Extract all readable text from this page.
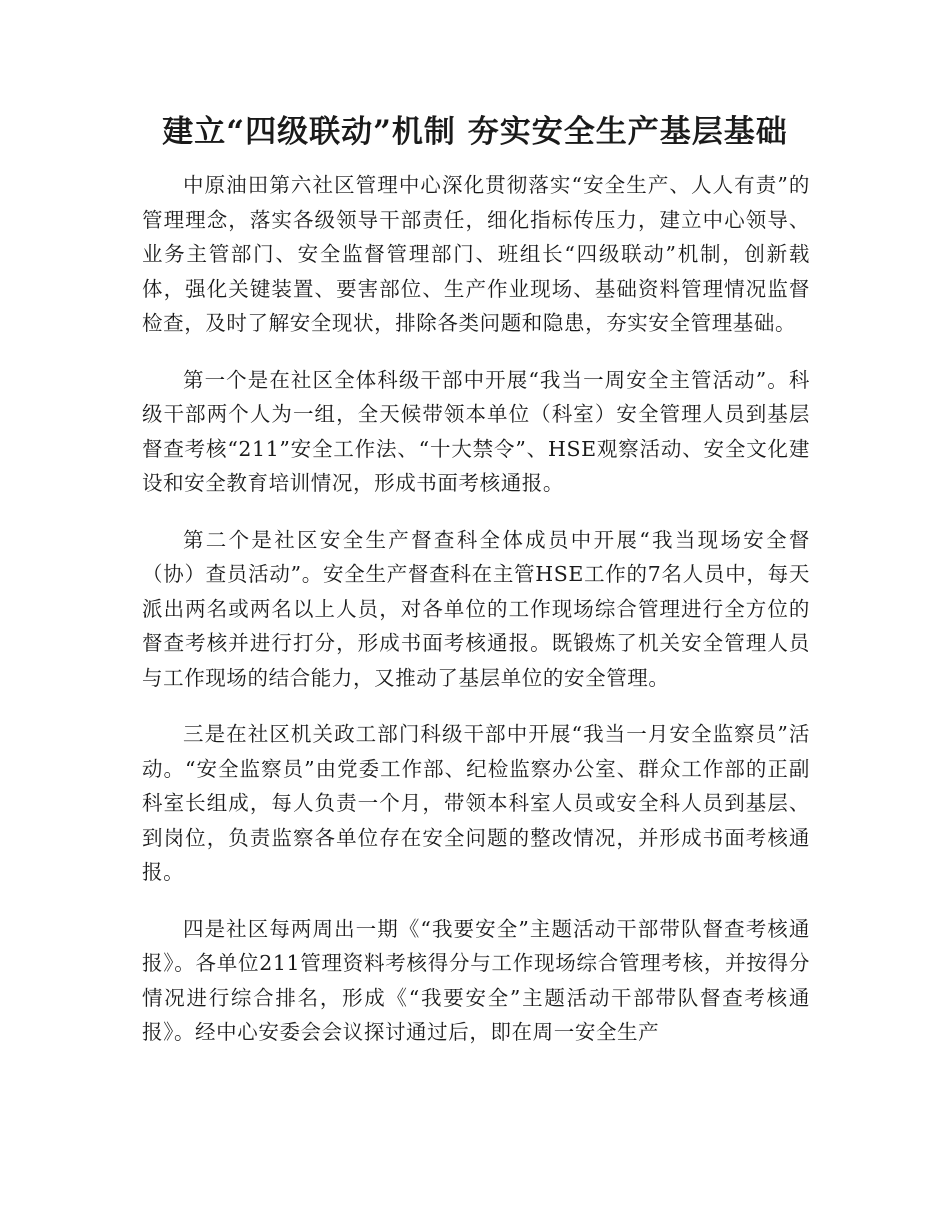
建立“四级联动”机制 夯实安全生产基层基础

中原油田第六社区管理中心深化贯彻落实“安全生产、人人有责”的管理理念，落实各级领导干部责任，细化指标传压力，建立中心领导、业务主管部门、安全监督管理部门、班组长“四级联动”机制，创新载体，强化关键装置、要害部位、生产作业现场、基础资料管理情况监督检查，及时了解安全现状，排除各类问题和隐患，夯实安全管理基础。

第一个是在社区全体科级干部中开展“我当一周安全主管活动”。科级干部两个人为一组，全天候带领本单位（科室）安全管理人员到基层督查考核“211”安全工作法、“十大禁令”、HSE观察活动、安全文化建设和安全教育培训情况，形成书面考核通报。

第二个是社区安全生产督查科全体成员中开展“我当现场安全督（协）查员活动”。安全生产督查科在主管HSE工作的7名人员中，每天派出两名或两名以上人员，对各单位的工作现场综合管理进行全方位的督查考核并进行打分，形成书面考核通报。既锻炼了机关安全管理人员与工作现场的结合能力，又推动了基层单位的安全管理。

三是在社区机关政工部门科级干部中开展“我当一月安全监察员”活动。“安全监察员”由党委工作部、纪检监察办公室、群众工作部的正副科室长组成，每人负责一个月，带领本科室人员或安全科人员到基层、到岗位，负责监察各单位存在安全问题的整改情况，并形成书面考核通报。

四是社区每两周出一期《“我要安全”主题活动干部带队督查考核通报》。各单位211管理资料考核得分与工作现场综合管理考核，并按得分情况进行综合排名，形成《“我要安全”主题活动干部带队督查考核通报》。经中心安委会会议探讨通过后，即在周一安全生产
